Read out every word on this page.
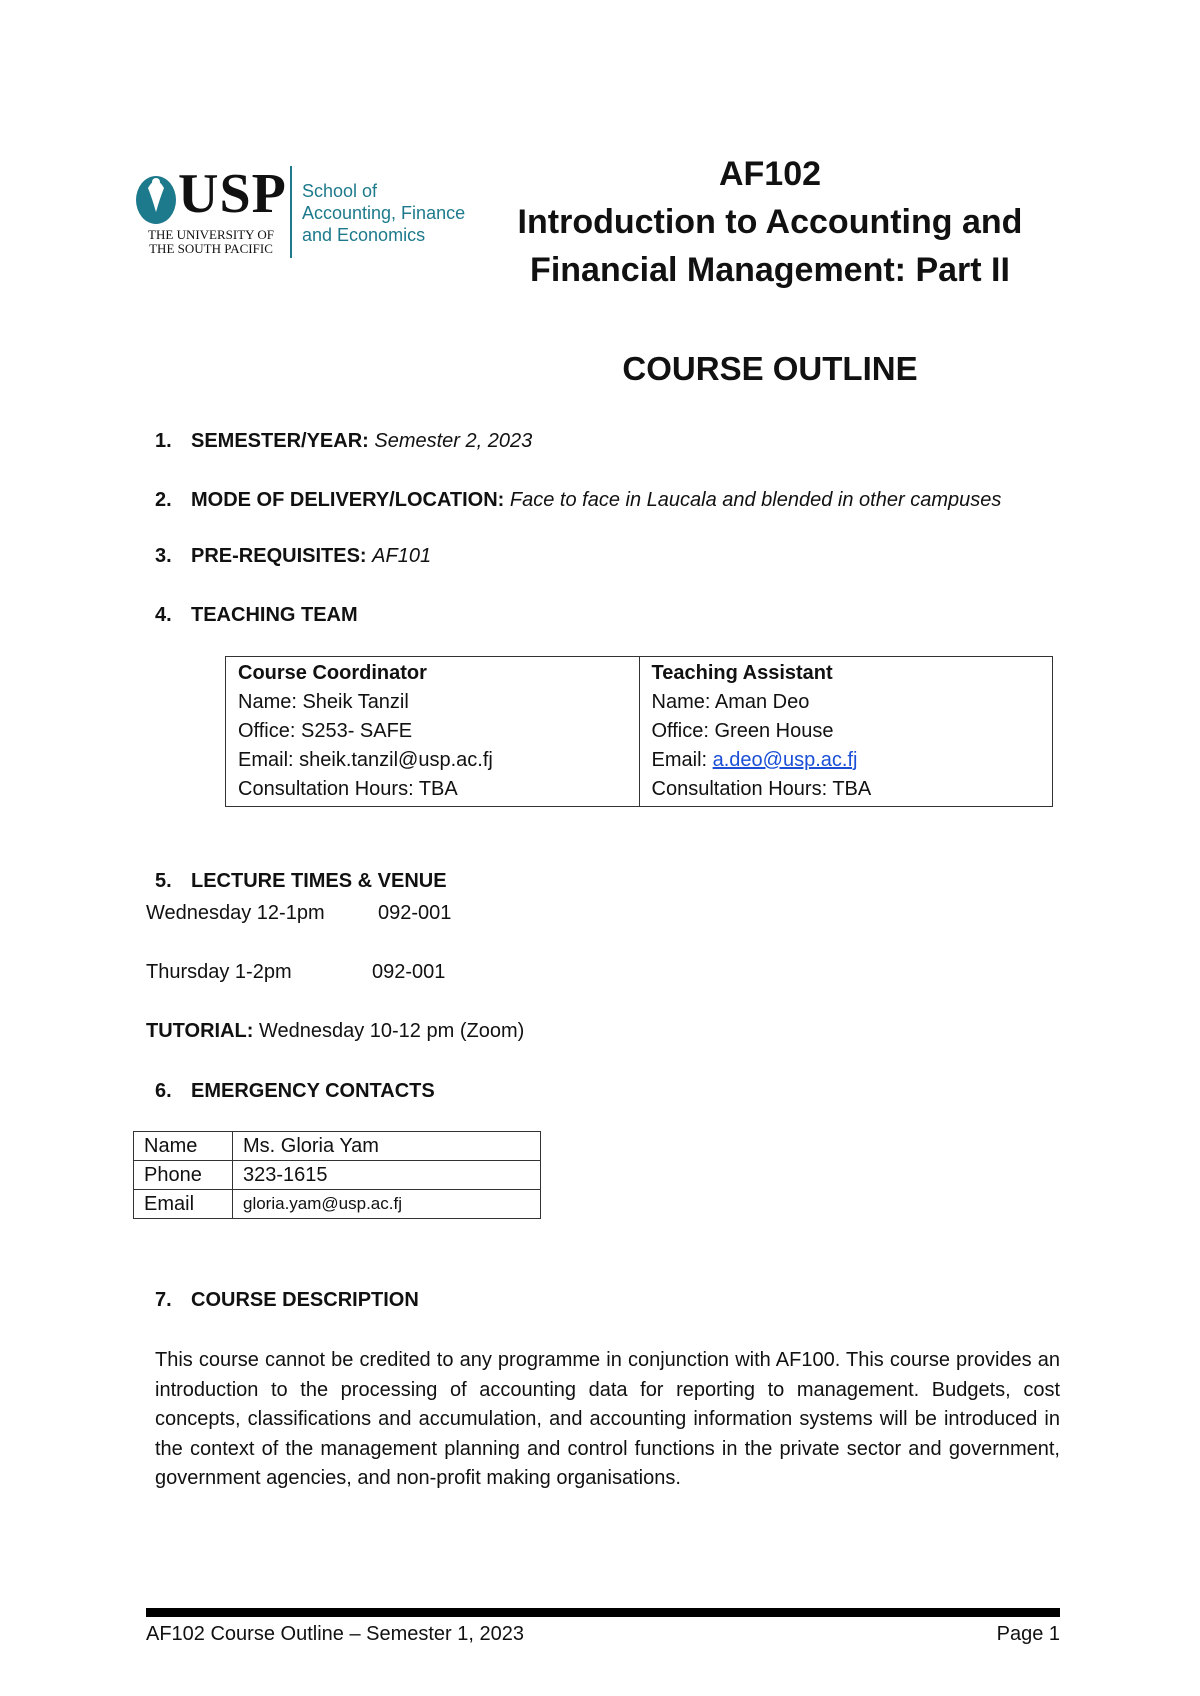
USP
THE UNIVERSITY OF THE SOUTH PACIFIC
School of
Accounting, Finance
and Economics
AF102
Introduction to Accounting and
Financial Management: Part II
COURSE OUTLINE
1. SEMESTER/YEAR: Semester 2, 2023
2. MODE OF DELIVERY/LOCATION: Face to face in Laucala and blended in other campuses
3. PRE-REQUISITES: AF101
4. TEACHING TEAM
Course Coordinator
Name: Sheik Tanzil
Office: S253- SAFE
Email: sheik.tanzil@usp.ac.fj
Consultation Hours: TBA

Teaching Assistant
Name: Aman Deo
Office: Green House
Email: a.deo@usp.ac.fj
Consultation Hours: TBA
5. LECTURE TIMES & VENUE
Wednesday 12-1pm	092-001
Thursday 1-2pm	092-001
TUTORIAL: Wednesday 10-12 pm (Zoom)
6. EMERGENCY CONTACTS
Name	Ms. Gloria Yam
Phone	323-1615
Email	gloria.yam@usp.ac.fj
7. COURSE DESCRIPTION
This course cannot be credited to any programme in conjunction with AF100. This course provides an introduction to the processing of accounting data for reporting to management. Budgets, cost concepts, classifications and accumulation, and accounting information systems will be introduced in the context of the management planning and control functions in the private sector and government, government agencies, and non-profit making organisations.
AF102 Course Outline – Semester 1, 2023	Page 1
